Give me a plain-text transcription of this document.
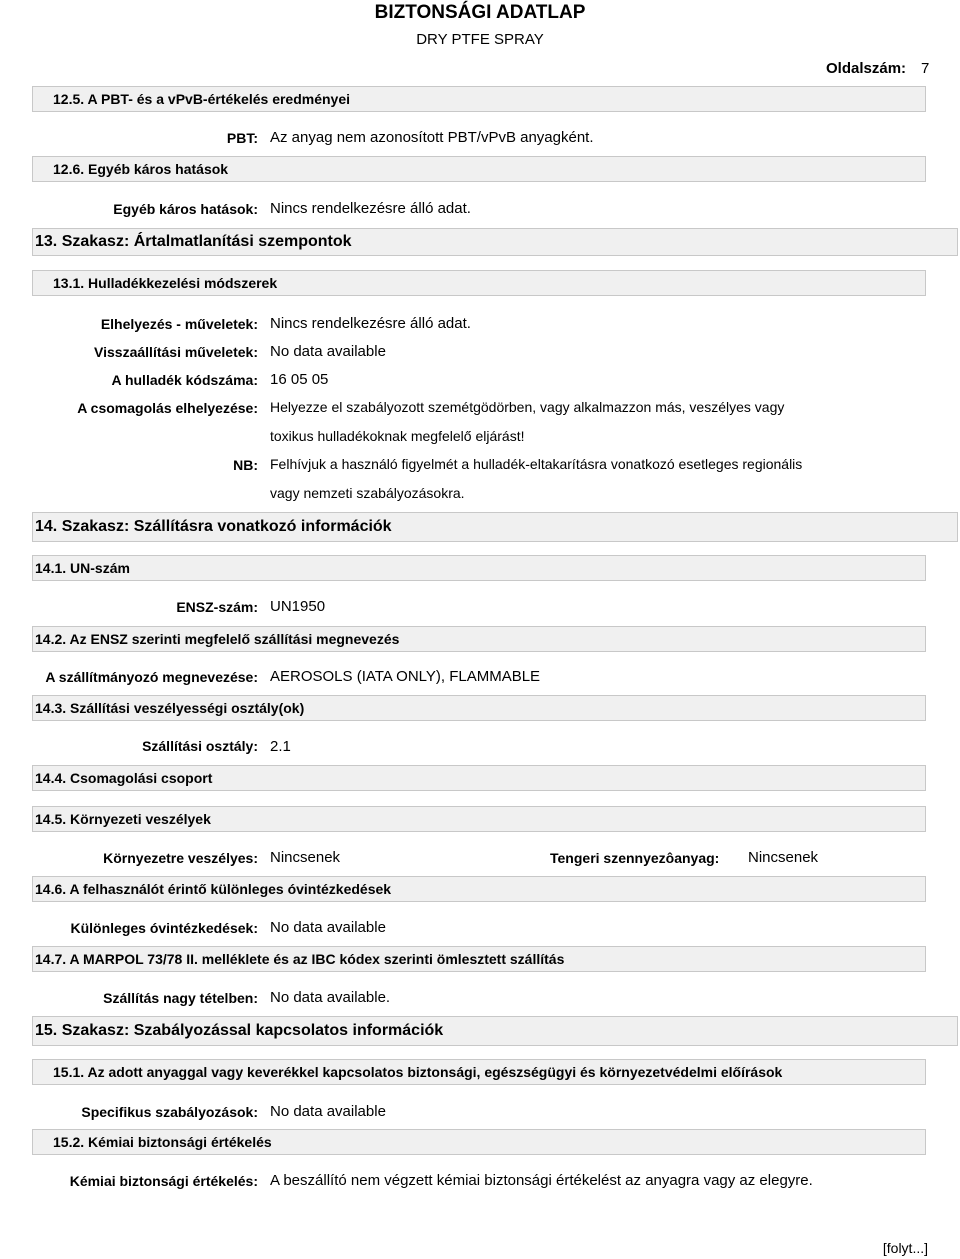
BIZTONSÁGI ADATLAP
DRY PTFE SPRAY
Oldalszám: 7
12.5. A PBT- és a vPvB-értékelés eredményei
PBT: Az anyag nem azonosított PBT/vPvB anyagként.
12.6. Egyéb káros hatások
Egyéb káros hatások: Nincs rendelkezésre álló adat.
13. Szakasz: Ártalmatlanítási szempontok
13.1. Hulladékkezelési módszerek
Elhelyezés - műveletek: Nincs rendelkezésre álló adat.
Visszaállítási műveletek: No data available
A hulladék kódszáma: 16 05 05
A csomagolás elhelyezése: Helyezze el szabályozott szemétgödörben, vagy alkalmazzon más, veszélyes vagy
toxikus hulladékoknak megfelelő eljárást!
NB: Felhívjuk a használó figyelmét a hulladék-eltakarításra vonatkozó esetleges regionális
vagy nemzeti szabályozásokra.
14. Szakasz: Szállításra vonatkozó információk
14.1. UN-szám
ENSZ-szám: UN1950
14.2. Az ENSZ szerinti megfelelő szállítási megnevezés
A szállítmányozó megnevezése: AEROSOLS (IATA ONLY), FLAMMABLE
14.3. Szállítási veszélyességi osztály(ok)
Szállítási osztály: 2.1
14.4. Csomagolási csoport
14.5. Környezeti veszélyek
Környezetre veszélyes: Nincsenek	Tengeri szennyezôanyag: Nincsenek
14.6. A felhasználót érintő különleges óvintézkedések
Különleges óvintézkedések: No data available
14.7. A MARPOL 73/78 II. melléklete és az IBC kódex szerinti ömlesztett szállítás
Szállítás nagy tételben: No data available.
15. Szakasz: Szabályozással kapcsolatos információk
15.1. Az adott anyaggal vagy keverékkel kapcsolatos biztonsági, egészségügyi és környezetvédelmi előírások
Specifikus szabályozások: No data available
15.2. Kémiai biztonsági értékelés
Kémiai biztonsági értékelés: A beszállító nem végzett kémiai biztonsági értékelést az anyagra vagy az elegyre.
[folyt...]
